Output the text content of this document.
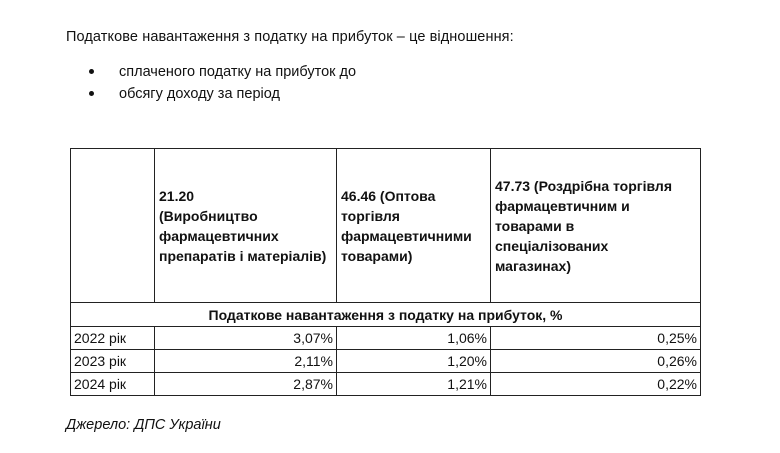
Податкове навантаження з податку на прибуток – це відношення:
сплаченого податку на прибуток до
обсягу доходу за період
	21.20
(Виробництво
фармацевтичних
препаратів і матеріалів)	46.46 (Оптова торгівля
фармацевтичними
товарами)	47.73 (Роздрібна торгівля
фармацевтичним и товарами в
спеціалізованих
магазинах)
Податкове навантаження з податку на прибуток, %			
2022 рік	3,07%	1,06%	0,25%
2023 рік	2,11%	1,20%	0,26%
2024 рік	2,87%	1,21%	0,22%
Джерело: ДПС України
